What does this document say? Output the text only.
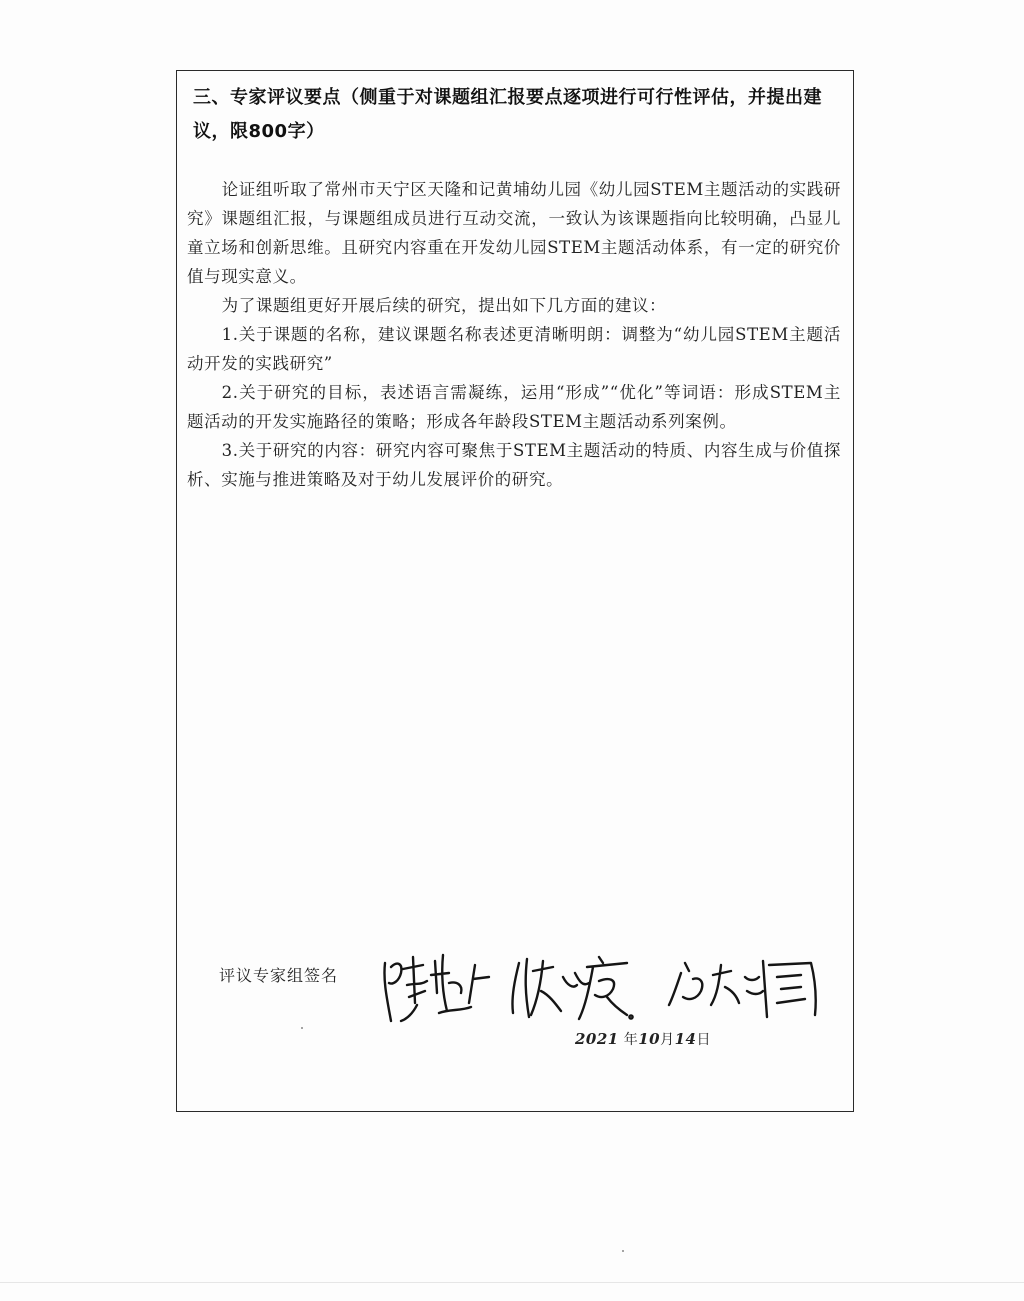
三、专家评议要点（侧重于对课题组汇报要点逐项进行可行性评估，并提出建议，限800字）

论证组听取了常州市天宁区天隆和记黄埔幼儿园《幼儿园STEM主题活动的实践研究》课题组汇报，与课题组成员进行互动交流，一致认为该课题指向比较明确，凸显儿童立场和创新思维。且研究内容重在开发幼儿园STEM主题活动体系，有一定的研究价值与现实意义。

为了课题组更好开展后续的研究，提出如下几方面的建议：

1.关于课题的名称，建议课题名称表述更清晰明朗：调整为“幼儿园STEM主题活动开发的实践研究”

2.关于研究的目标，表述语言需凝练，运用“形成”“优化”等词语：形成STEM主题活动的开发实施路径的策略；形成各年龄段STEM主题活动系列案例。

3.关于研究的内容：研究内容可聚焦于STEM主题活动的特质、内容生成与价值探析、实施与推进策略及对于幼儿发展评价的研究。

评议专家组签名
2021 年10月14日
